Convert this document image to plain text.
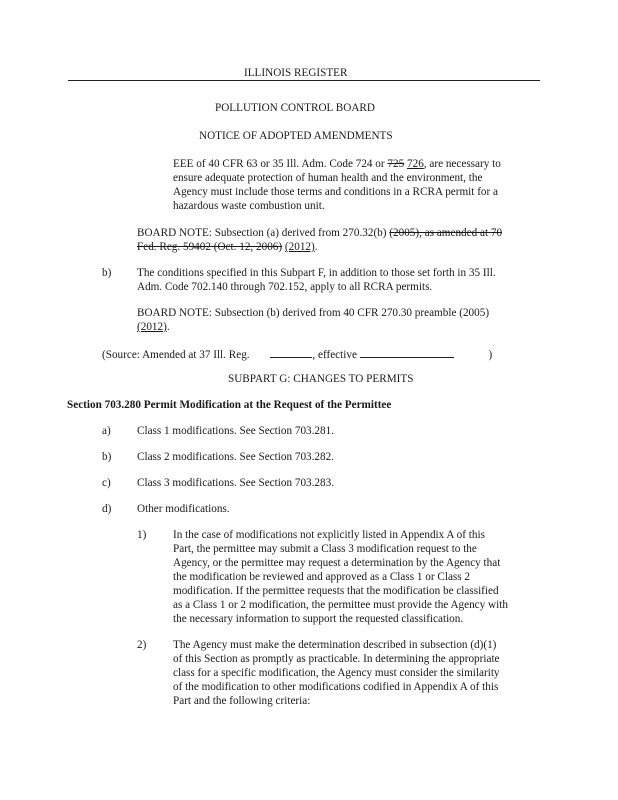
ILLINOIS REGISTER
POLLUTION CONTROL BOARD
NOTICE OF ADOPTED AMENDMENTS
EEE of 40 CFR 63 or 35 Ill. Adm. Code 724 or 725 726, are necessary to
ensure adequate protection of human health and the environment, the
Agency must include those terms and conditions in a RCRA permit for a
hazardous waste combustion unit.
BOARD NOTE: Subsection (a) derived from 270.32(b) (2005), as amended at 70
Fed. Reg. 59402 (Oct. 12, 2006) (2012).
b) The conditions specified in this Subpart F, in addition to those set forth in 35 Ill.
Adm. Code 702.140 through 702.152, apply to all RCRA permits.
BOARD NOTE: Subsection (b) derived from 40 CFR 270.30 preamble (2005)
(2012).
(Source: Amended at 37 Ill. Reg.	, effective	)
SUBPART G: CHANGES TO PERMITS
Section 703.280 Permit Modification at the Request of the Permittee
a) Class 1 modifications. See Section 703.281.
b) Class 2 modifications. See Section 703.282.
c) Class 3 modifications. See Section 703.283.
d) Other modifications.
1) In the case of modifications not explicitly listed in Appendix A of this
Part, the permittee may submit a Class 3 modification request to the
Agency, or the permittee may request a determination by the Agency that
the modification be reviewed and approved as a Class 1 or Class 2
modification. If the permittee requests that the modification be classified
as a Class 1 or 2 modification, the permittee must provide the Agency with
the necessary information to support the requested classification.
2) The Agency must make the determination described in subsection (d)(1)
of this Section as promptly as practicable. In determining the appropriate
class for a specific modification, the Agency must consider the similarity
of the modification to other modifications codified in Appendix A of this
Part and the following criteria:
